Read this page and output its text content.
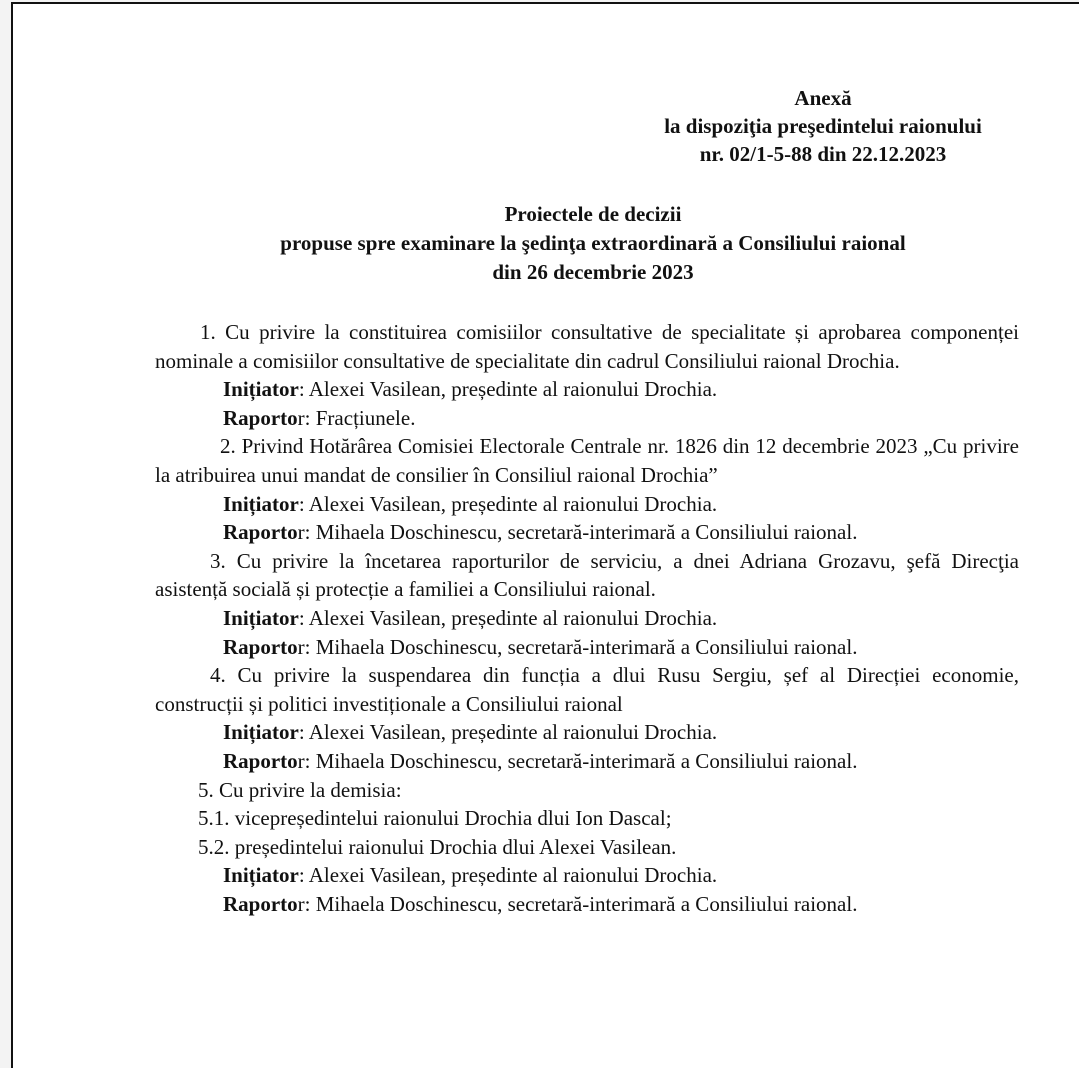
Anexă
la dispoziţia preşedintelui raionului
nr. 02/1-5-88 din 22.12.2023
Proiectele de decizii
propuse spre examinare la şedinţa extraordinară a Consiliului raional
din 26 decembrie 2023

1. Cu privire la constituirea comisiilor consultative de specialitate și aprobarea componenței nominale a comisiilor consultative de specialitate din cadrul Consiliului raional Drochia.

Inițiator: Alexei Vasilean, președinte al raionului Drochia.

Raportor: Fracțiunele.

2. Privind Hotărârea Comisiei Electorale Centrale nr. 1826 din 12 decembrie 2023 „Cu privire la atribuirea unui mandat de consilier în Consiliul raional Drochia”

Inițiator: Alexei Vasilean, președinte al raionului Drochia.

Raportor: Mihaela Doschinescu, secretară-interimară a Consiliului raional.

3. Cu privire la încetarea raporturilor de serviciu, a dnei Adriana Grozavu, şefă Direcţia asistență socială și protecție a familiei a Consiliului raional.

Inițiator: Alexei Vasilean, președinte al raionului Drochia.

Raportor: Mihaela Doschinescu, secretară-interimară a Consiliului raional.

4. Cu privire la suspendarea din funcția a dlui Rusu Sergiu, șef al Direcției economie, construcții și politici investiționale a Consiliului raional

Inițiator: Alexei Vasilean, președinte al raionului Drochia.

Raportor: Mihaela Doschinescu, secretară-interimară a Consiliului raional.

5. Cu privire la demisia:

5.1. vicepreședintelui raionului Drochia dlui Ion Dascal;

5.2. președintelui raionului Drochia dlui Alexei Vasilean.

Inițiator: Alexei Vasilean, președinte al raionului Drochia.

Raportor: Mihaela Doschinescu, secretară-interimară a Consiliului raional.
